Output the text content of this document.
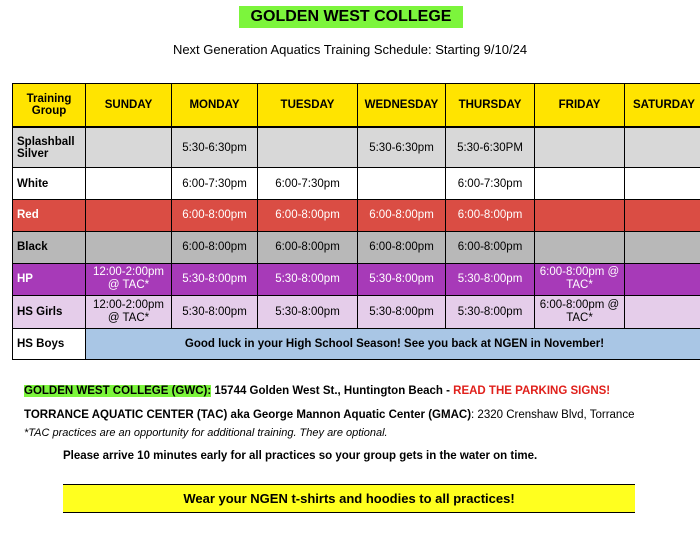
GOLDEN WEST COLLEGE
Next Generation Aquatics Training Schedule: Starting 9/10/24
Training Group	SUNDAY	MONDAY	TUESDAY	WEDNESDAY	THURSDAY	FRIDAY	SATURDAY
Splashball Silver		5:30-6:30pm		5:30-6:30pm	5:30-6:30PM		
White		6:00-7:30pm	6:00-7:30pm		6:00-7:30pm		
Red		6:00-8:00pm	6:00-8:00pm	6:00-8:00pm	6:00-8:00pm		
Black		6:00-8:00pm	6:00-8:00pm	6:00-8:00pm	6:00-8:00pm		
HP	12:00-2:00pm @ TAC*	5:30-8:00pm	5:30-8:00pm	5:30-8:00pm	5:30-8:00pm	6:00-8:00pm @ TAC*	
HS Girls	12:00-2:00pm @ TAC*	5:30-8:00pm	5:30-8:00pm	5:30-8:00pm	5:30-8:00pm	6:00-8:00pm @ TAC*	
HS Boys	Good luck in your High School Season! See you back at NGEN in November!						
GOLDEN WEST COLLEGE (GWC): 15744 Golden West St., Huntington Beach - READ THE PARKING SIGNS!
TORRANCE AQUATIC CENTER (TAC) aka George Mannon Aquatic Center (GMAC): 2320 Crenshaw Blvd, Torrance
*TAC practices are an opportunity for additional training. They are optional.
Please arrive 10 minutes early for all practices so your group gets in the water on time.
Wear your NGEN t-shirts and hoodies to all practices!
